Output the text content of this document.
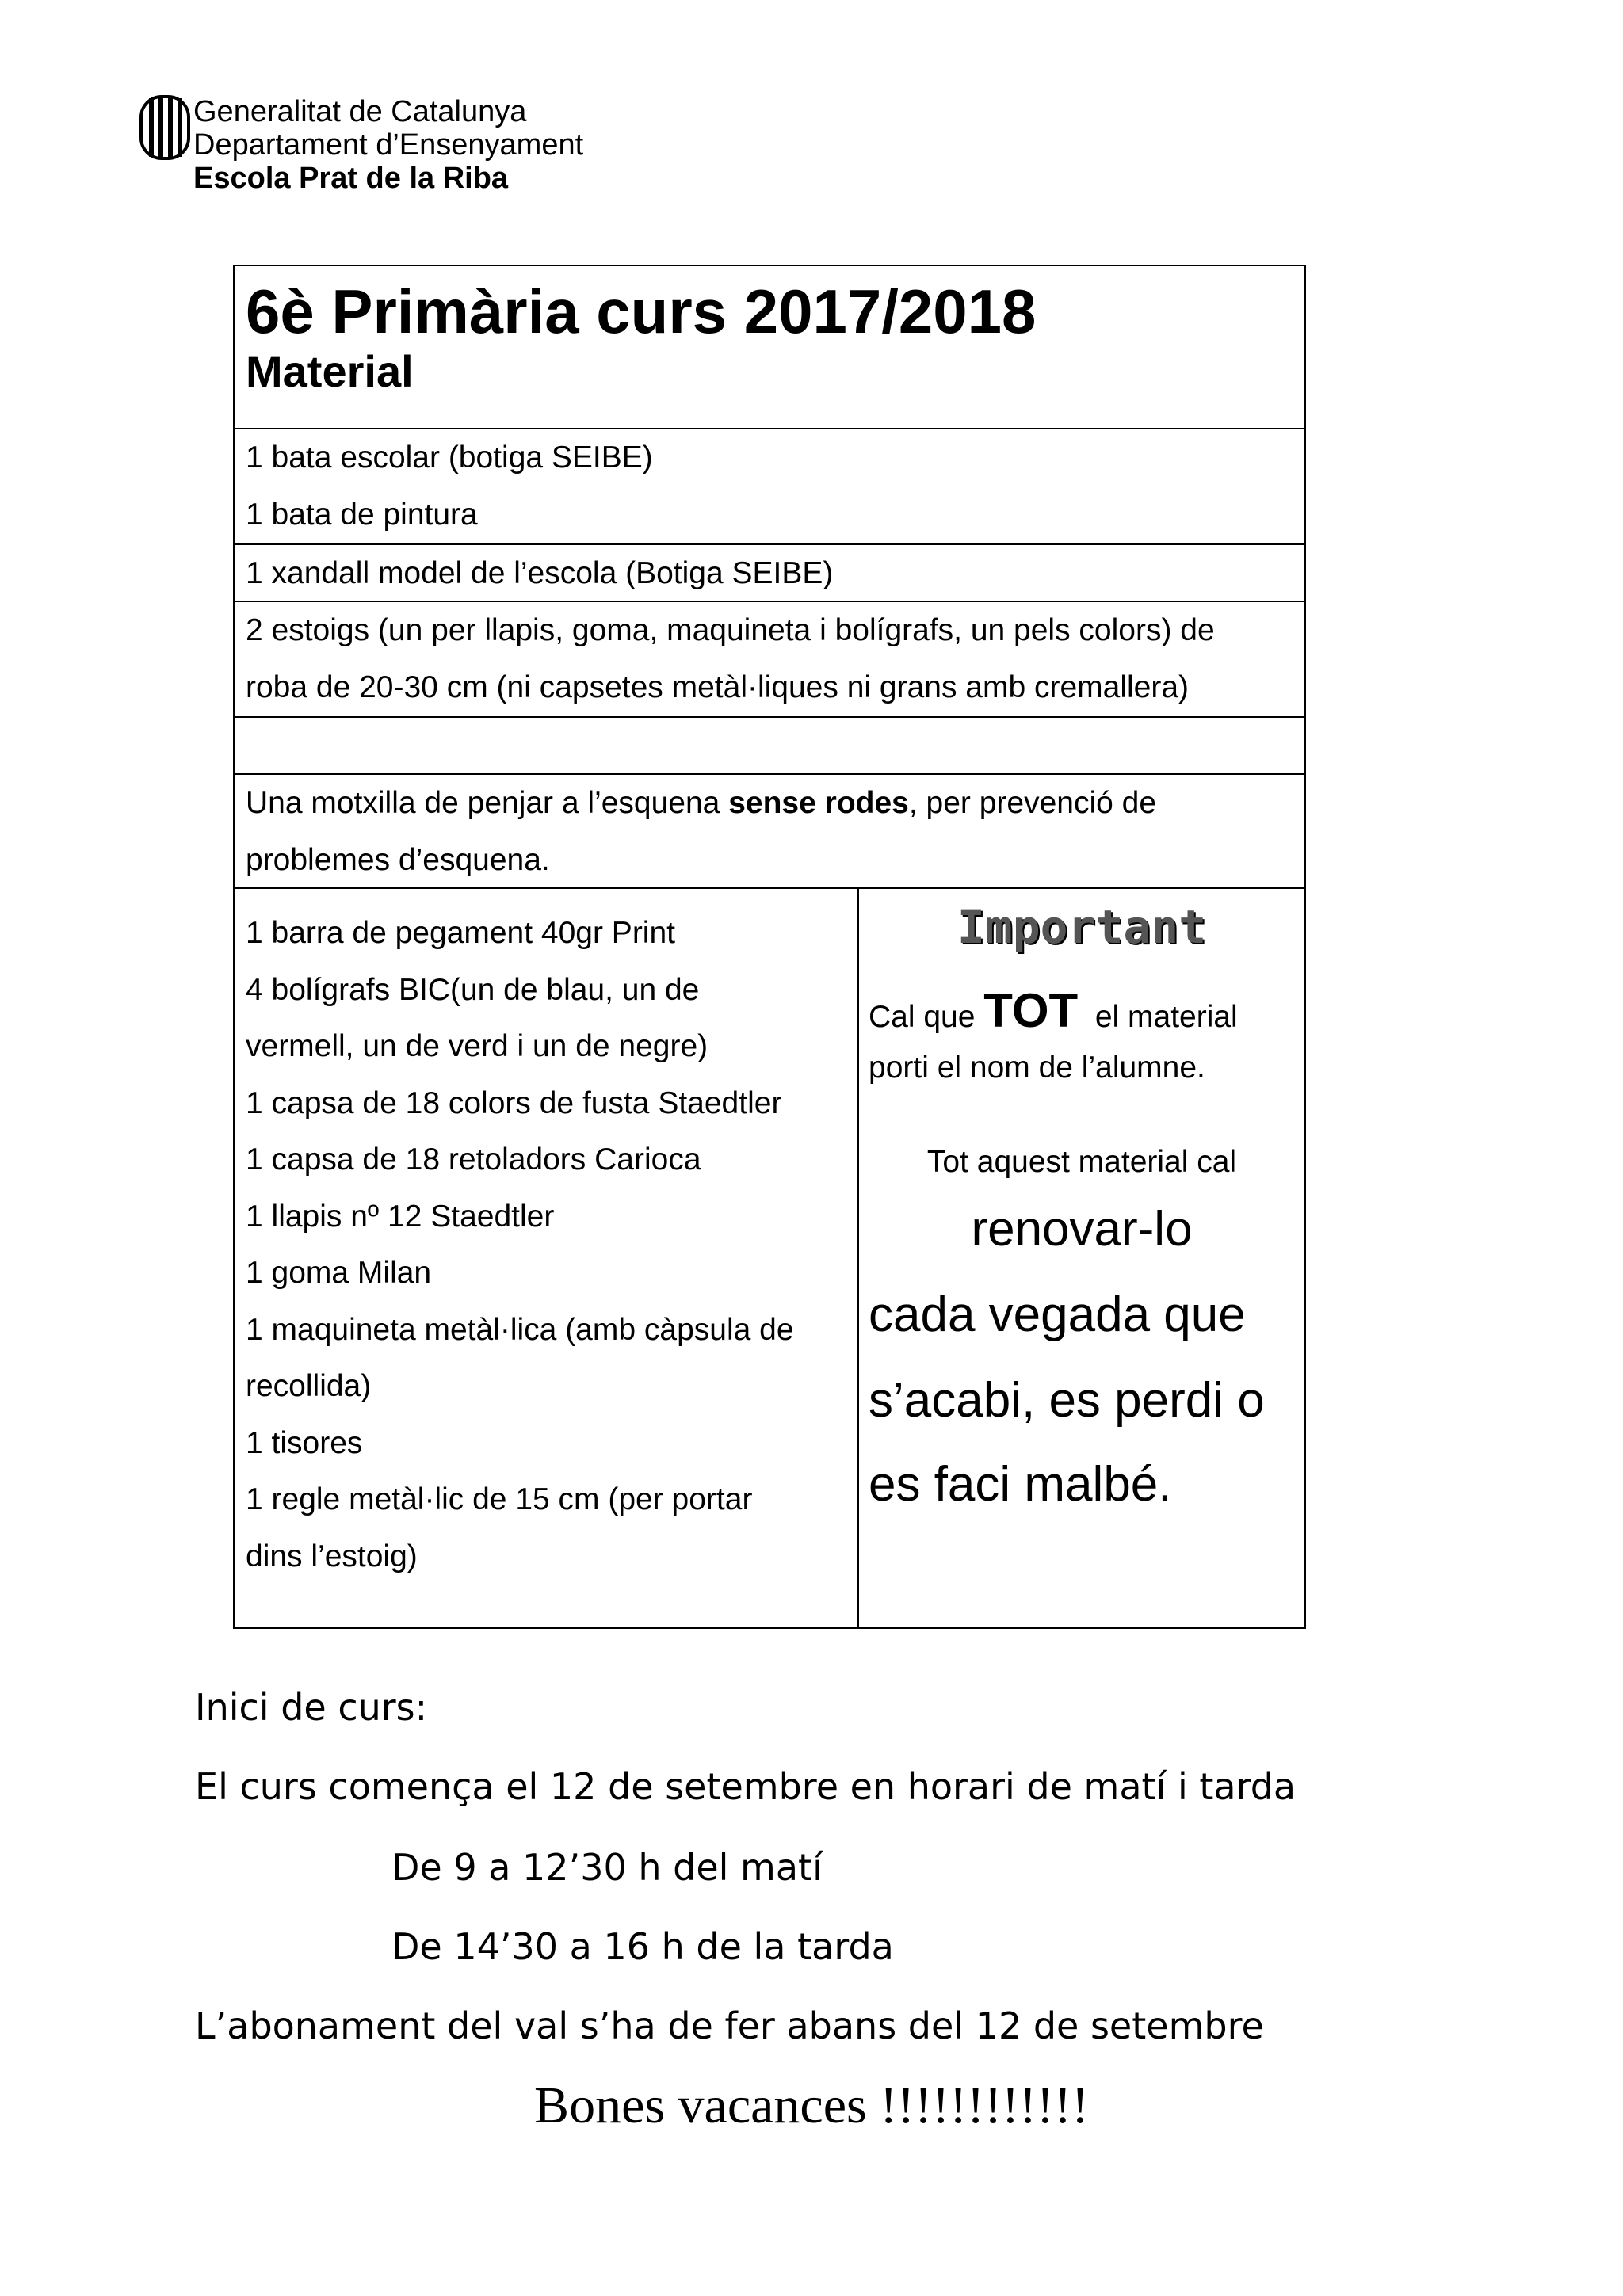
Generalitat de Catalunya
Departament d’Ensenyament
Escola Prat de la Riba
6è Primària curs 2017/2018
Material
1 bata escolar (botiga SEIBE)
1 bata de pintura
1 xandall model de l’escola (Botiga SEIBE)
2 estoigs (un per llapis, goma, maquineta i bolígrafs, un pels colors) de
roba de 20-30 cm (ni capsetes metàl·liques ni grans amb cremallera)
Una motxilla de penjar a l’esquena sense rodes, per prevenció de
problemes d’esquena.
1 barra de pegament 40gr Print
4 bolígrafs BIC(un de blau, un de
vermell, un de verd i un de negre)
1 capsa de 18 colors de fusta Staedtler
1 capsa de 18 retoladors Carioca
1 llapis nº 12 Staedtler
1 goma Milan
1 maquineta metàl·lica (amb càpsula de
recollida)
1 tisores
1 regle metàl·lic de 15 cm (per portar
dins l’estoig)
Important
Cal que TOT  el material
porti el nom de l’alumne.
Tot aquest material cal
renovar-lo
cada vegada que
s’acabi, es perdi o
es faci malbé.
Inici de curs:
El curs comença el 12 de setembre en horari de matí i tarda
De 9 a 12’30 h del matí
De 14’30 a 16 h de la tarda
L’abonament del val s’ha de fer abans del 12 de setembre
Bones vacances !!!!!!!!!!!!
